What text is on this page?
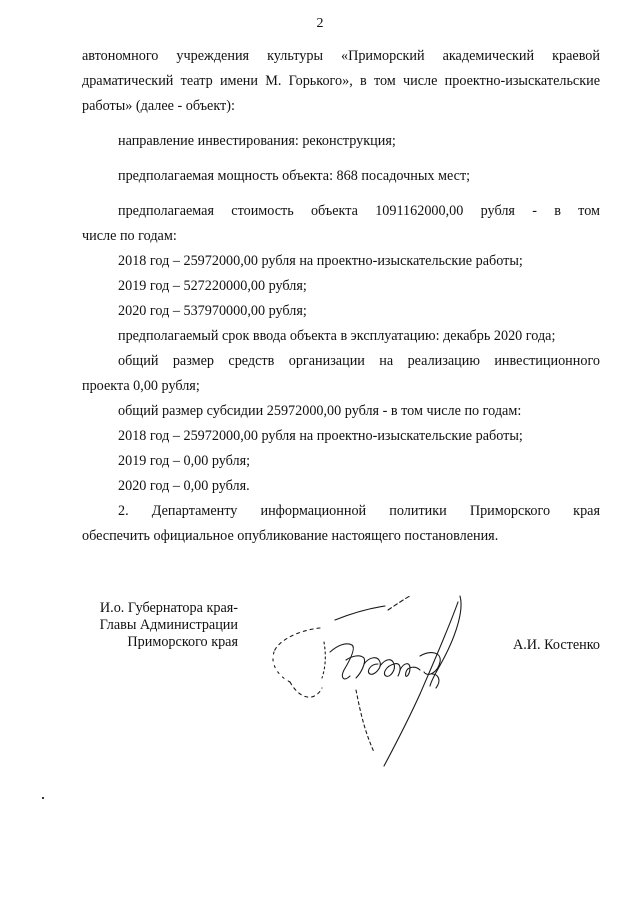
2

автономного учреждения культуры «Приморский академический краевой драматический театр имени М. Горького», в том числе проектно-изыскательские работы» (далее - объект):

направление инвестирования: реконструкция;

предполагаемая мощность объекта: 868 посадочных мест;

предполагаемая стоимость объекта 1091162000,00 рубля - в том

числе по годам:

2018 год – 25972000,00 рубля на проектно-изыскательские работы;

2019 год – 527220000,00 рубля;

2020 год – 537970000,00 рубля;

предполагаемый срок ввода объекта в эксплуатацию: декабрь 2020 года;

общий размер средств организации на реализацию инвестиционного

проекта 0,00 рубля;

общий размер субсидии 25972000,00 рубля - в том числе по годам:

2018 год – 25972000,00 рубля на проектно-изыскательские работы;

2019 год – 0,00 рубля;

2020 год – 0,00 рубля.

2. Департаменту информационной политики Приморского края

обеспечить официальное опубликование настоящего постановления.

И.о. Губернатора края-
Главы Администрации
Приморского края	А.И. Костенко
